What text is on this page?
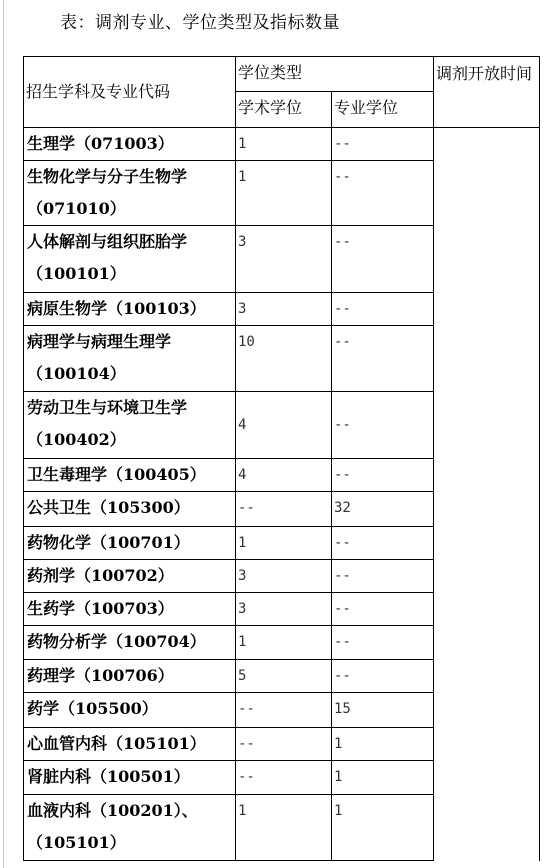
表：调剂专业、学位类型及指标数量
招生学科及专业代码	学位类型		调剂开放时间
	学术学位	专业学位	
生理学（071003）	1	--	
生物化学与分子生物学（071010）	1	--	
人体解剖与组织胚胎学（100101）	3	--	
病原生物学（100103）	3	--	
病理学与病理生理学（100104）	10	--	
劳动卫生与环境卫生学（100402）	4	--	
卫生毒理学（100405）	4	--	
公共卫生（105300）	--	32	
药物化学（100701）	1	--	
药剂学（100702）	3	--	
生药学（100703）	3	--	
药物分析学（100704）	1	--	
药理学（100706）	5	--	
药学（105500）	--	15	
心血管内科（105101）	--	1	
肾脏内科（100501）	--	1	
血液内科（100201）、（105101）	1	1	
